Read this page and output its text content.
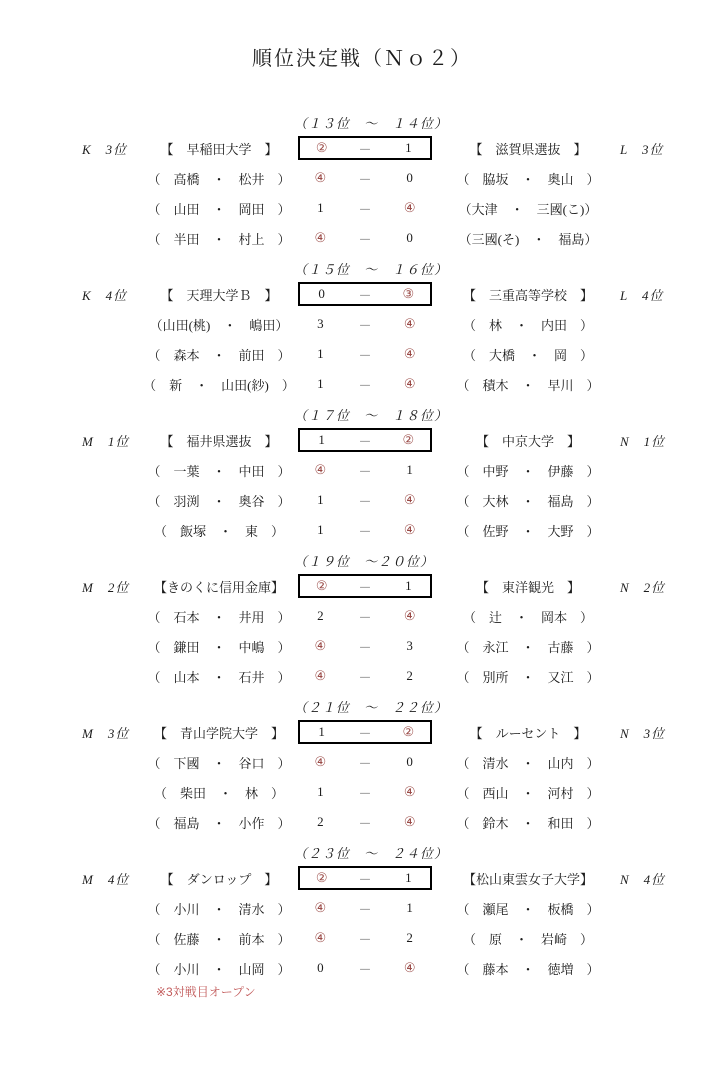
順位決定戦（Ｎｏ２）
（１３位　～　１４位）
K　3位	【　早稲田大学　】	②	－	1	【　滋賀県選抜　】	L　3位
（　高橋　・　松井　）	④	－	0	（　脇坂　・　奥山　）
（　山田　・　岡田　）	1	－	④	（大津　・　三國(こ)）
（　半田　・　村上　）	④	－	0	（三國(そ)　・　福島）
（１５位　～　１６位）
K　4位	【　天理大学Ｂ　】	0	－	③	【　三重高等学校　】	L　4位
（山田(桃)　・　嶋田）	3	－	④	（　林　・　内田　）
（　森本　・　前田　）	1	－	④	（　大橋　・　岡　）
（　新　・　山田(紗)　）	1	－	④	（　積木　・　早川　）
（１７位　～　１８位）
M　1位	【　福井県選抜　】	1	－	②	【　中京大学　】	N　1位
（　一葉　・　中田　）	④	－	1	（　中野　・　伊藤　）
（　羽渕　・　奥谷　）	1	－	④	（　大林　・　福島　）
（　飯塚　・　東　）	1	－	④	（　佐野　・　大野　）
（１９位　～２０位）
M　2位	【きのくに信用金庫】	②	－	1	【　東洋観光　】	N　2位
（　石本　・　井用　）	2	－	④	（　辻　・　岡本　）
（　鎌田　・　中嶋　）	④	－	3	（　永江　・　古藤　）
（　山本　・　石井　）	④	－	2	（　別所　・　又江　）
（２１位　～　２２位）
M　3位	【　青山学院大学　】	1	－	②	【　ルーセント　】	N　3位
（　下國　・　谷口　）	④	－	0	（　清水　・　山内　）
（　柴田　・　林　）	1	－	④	（　西山　・　河村　）
（　福島　・　小作　）	2	－	④	（　鈴木　・　和田　）
（２３位　～　２４位）
M　4位	【　ダンロップ　】	②	－	1	【松山東雲女子大学】	N　4位
（　小川　・　清水　）	④	－	1	（　瀬尾　・　板橋　）
（　佐藤　・　前本　）	④	－	2	（　原　・　岩崎　）
（　小川　・　山岡　）	0	－	④	（　藤本　・　徳増　）
※3対戦目オープン
